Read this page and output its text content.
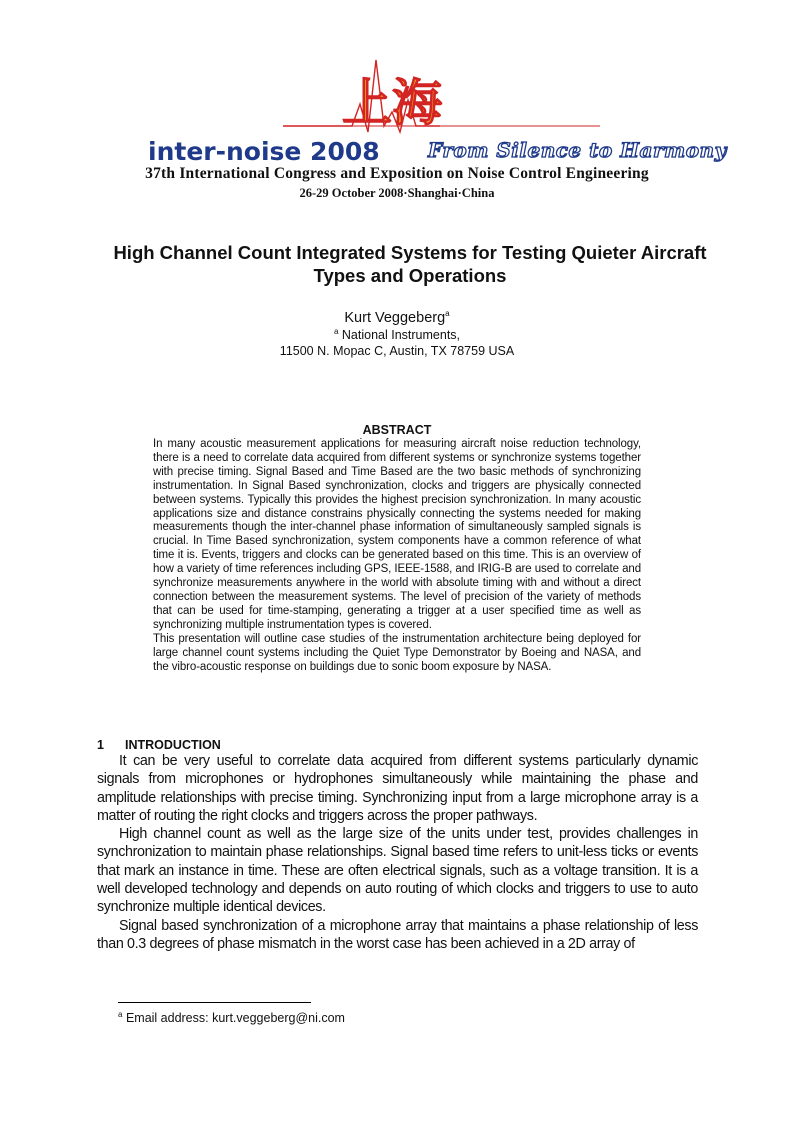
上海
inter-noise 2008 From Silence to Harmony
37th International Congress and Exposition on Noise Control Engineering
26-29 October 2008·Shanghai·China
High Channel Count Integrated Systems for Testing Quieter Aircraft Types and Operations
Kurt Veggeberg$^a$
$^a$ National Instruments,
11500 N. Mopac C, Austin, TX 78759 USA
ABSTRACT

In many acoustic measurement applications for measuring aircraft noise reduction technology, there is a need to correlate data acquired from different systems or synchronize systems together with precise timing. Signal Based and Time Based are the two basic methods of synchronizing instrumentation. In Signal Based synchronization, clocks and triggers are physically connected between systems. Typically this provides the highest precision synchronization. In many acoustic applications size and distance constrains physically connecting the systems needed for making measurements though the inter-channel phase information of simultaneously sampled signals is crucial. In Time Based synchronization, system components have a common reference of what time it is. Events, triggers and clocks can be generated based on this time. This is an overview of how a variety of time references including GPS, IEEE-1588, and IRIG-B are used to correlate and synchronize measurements anywhere in the world with absolute timing with and without a direct connection between the measurement systems. The level of precision of the variety of methods that can be used for time-stamping, generating a trigger at a user specified time as well as synchronizing multiple instrumentation types is covered.

This presentation will outline case studies of the instrumentation architecture being deployed for large channel count systems including the Quiet Type Demonstrator by Boeing and NASA, and the vibro-acoustic response on buildings due to sonic boom exposure by NASA.

1 INTRODUCTION

It can be very useful to correlate data acquired from different systems particularly dynamic signals from microphones or hydrophones simultaneously while maintaining the phase and amplitude relationships with precise timing. Synchronizing input from a large microphone array is a matter of routing the right clocks and triggers across the proper pathways.

High channel count as well as the large size of the units under test, provides challenges in synchronization to maintain phase relationships. Signal based time refers to unit-less ticks or events that mark an instance in time. These are often electrical signals, such as a voltage transition. It is a well developed technology and depends on auto routing of which clocks and triggers to use to auto synchronize multiple identical devices.

Signal based synchronization of a microphone array that maintains a phase relationship of less than 0.3 degrees of phase mismatch in the worst case has been achieved in a 2D array of

$^a$ Email address: kurt.veggeberg@ni.com
